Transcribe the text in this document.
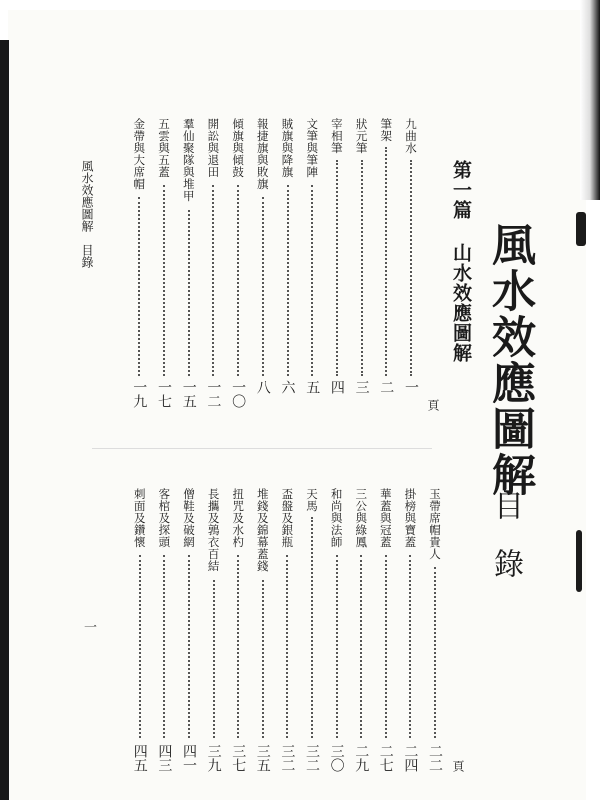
風水效應圖解
目錄
第一篇
山水效應圖解
頁
頁
風水效應圖解　目錄
一
九曲水
一
筆架
二
狀元筆
三
宰相筆
四
文筆與筆陣
五
賊旗與降旗
六
報捷旗與敗旗
八
傾旗與傾鼓
一〇
開訟與退田
一二
羣仙聚隊與堆甲
一五
五雲與五蓋
一七
金帶與大席帽
一九
玉帶席帽貴人
二二
掛榜與寶蓋
二四
華蓋與冠蓋
二七
三公與綠鳳
二九
和尚與法師
三〇
天馬
三二
盃盤及銀瓶
三二
堆錢及錦幕蓋錢
三五
扭咒及水杓
三七
長攜及鶉衣百結
三九
僧鞋及破網
四一
客棺及探頭
四三
刺面及鑽懷
四五
